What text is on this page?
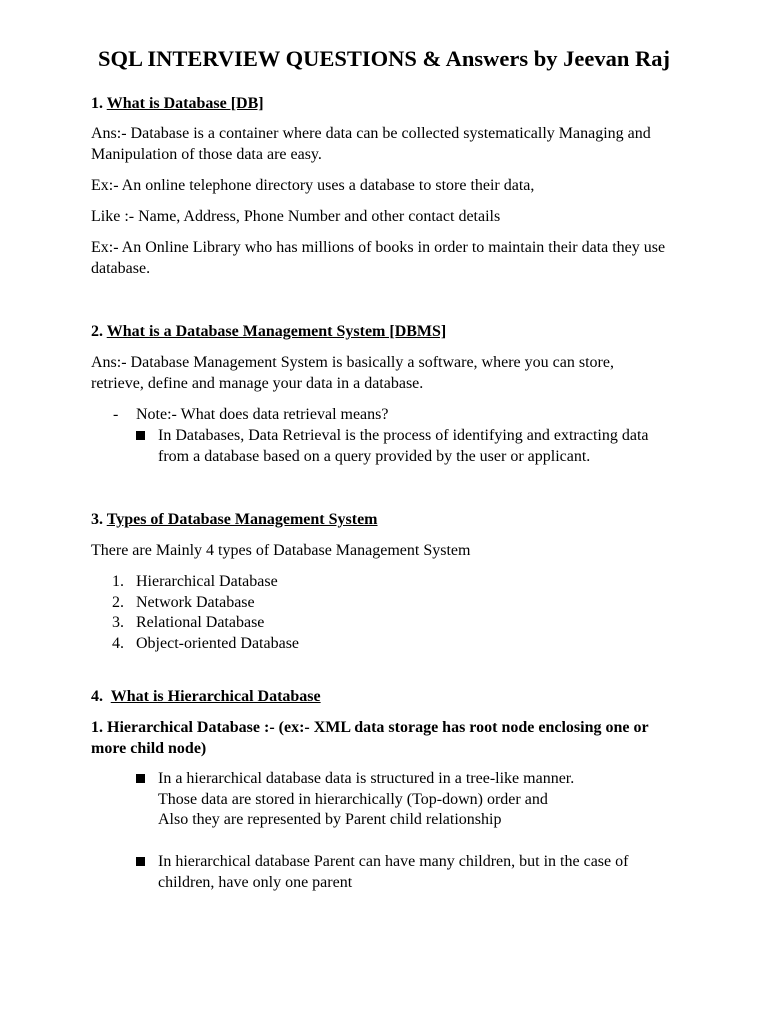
SQL INTERVIEW QUESTIONS & Answers by Jeevan Raj
1. What is Database [DB]
Ans:- Database is a container where data can be collected systematically Managing and
Manipulation of those data are easy.
Ex:- An online telephone directory uses a database to store their data,
Like :- Name, Address, Phone Number and other contact details
Ex:- An Online Library who has millions of books in order to maintain their data they use
database.
2. What is a Database Management System [DBMS]
Ans:- Database Management System is basically a software, where you can store,
retrieve, define and manage your data in a database.
- Note:- What does data retrieval means?
In Databases, Data Retrieval is the process of identifying and extracting data
from a database based on a query provided by the user or applicant.
3. Types of Database Management System
There are Mainly 4 types of Database Management System
1. Hierarchical Database
2. Network Database
3. Relational Database
4. Object-oriented Database
4. What is Hierarchical Database
1. Hierarchical Database :- (ex:- XML data storage has root node enclosing one or
more child node)
In a hierarchical database data is structured in a tree-like manner.
Those data are stored in hierarchically (Top-down) order and
Also they are represented by Parent child relationship
In hierarchical database Parent can have many children, but in the case of
children, have only one parent
